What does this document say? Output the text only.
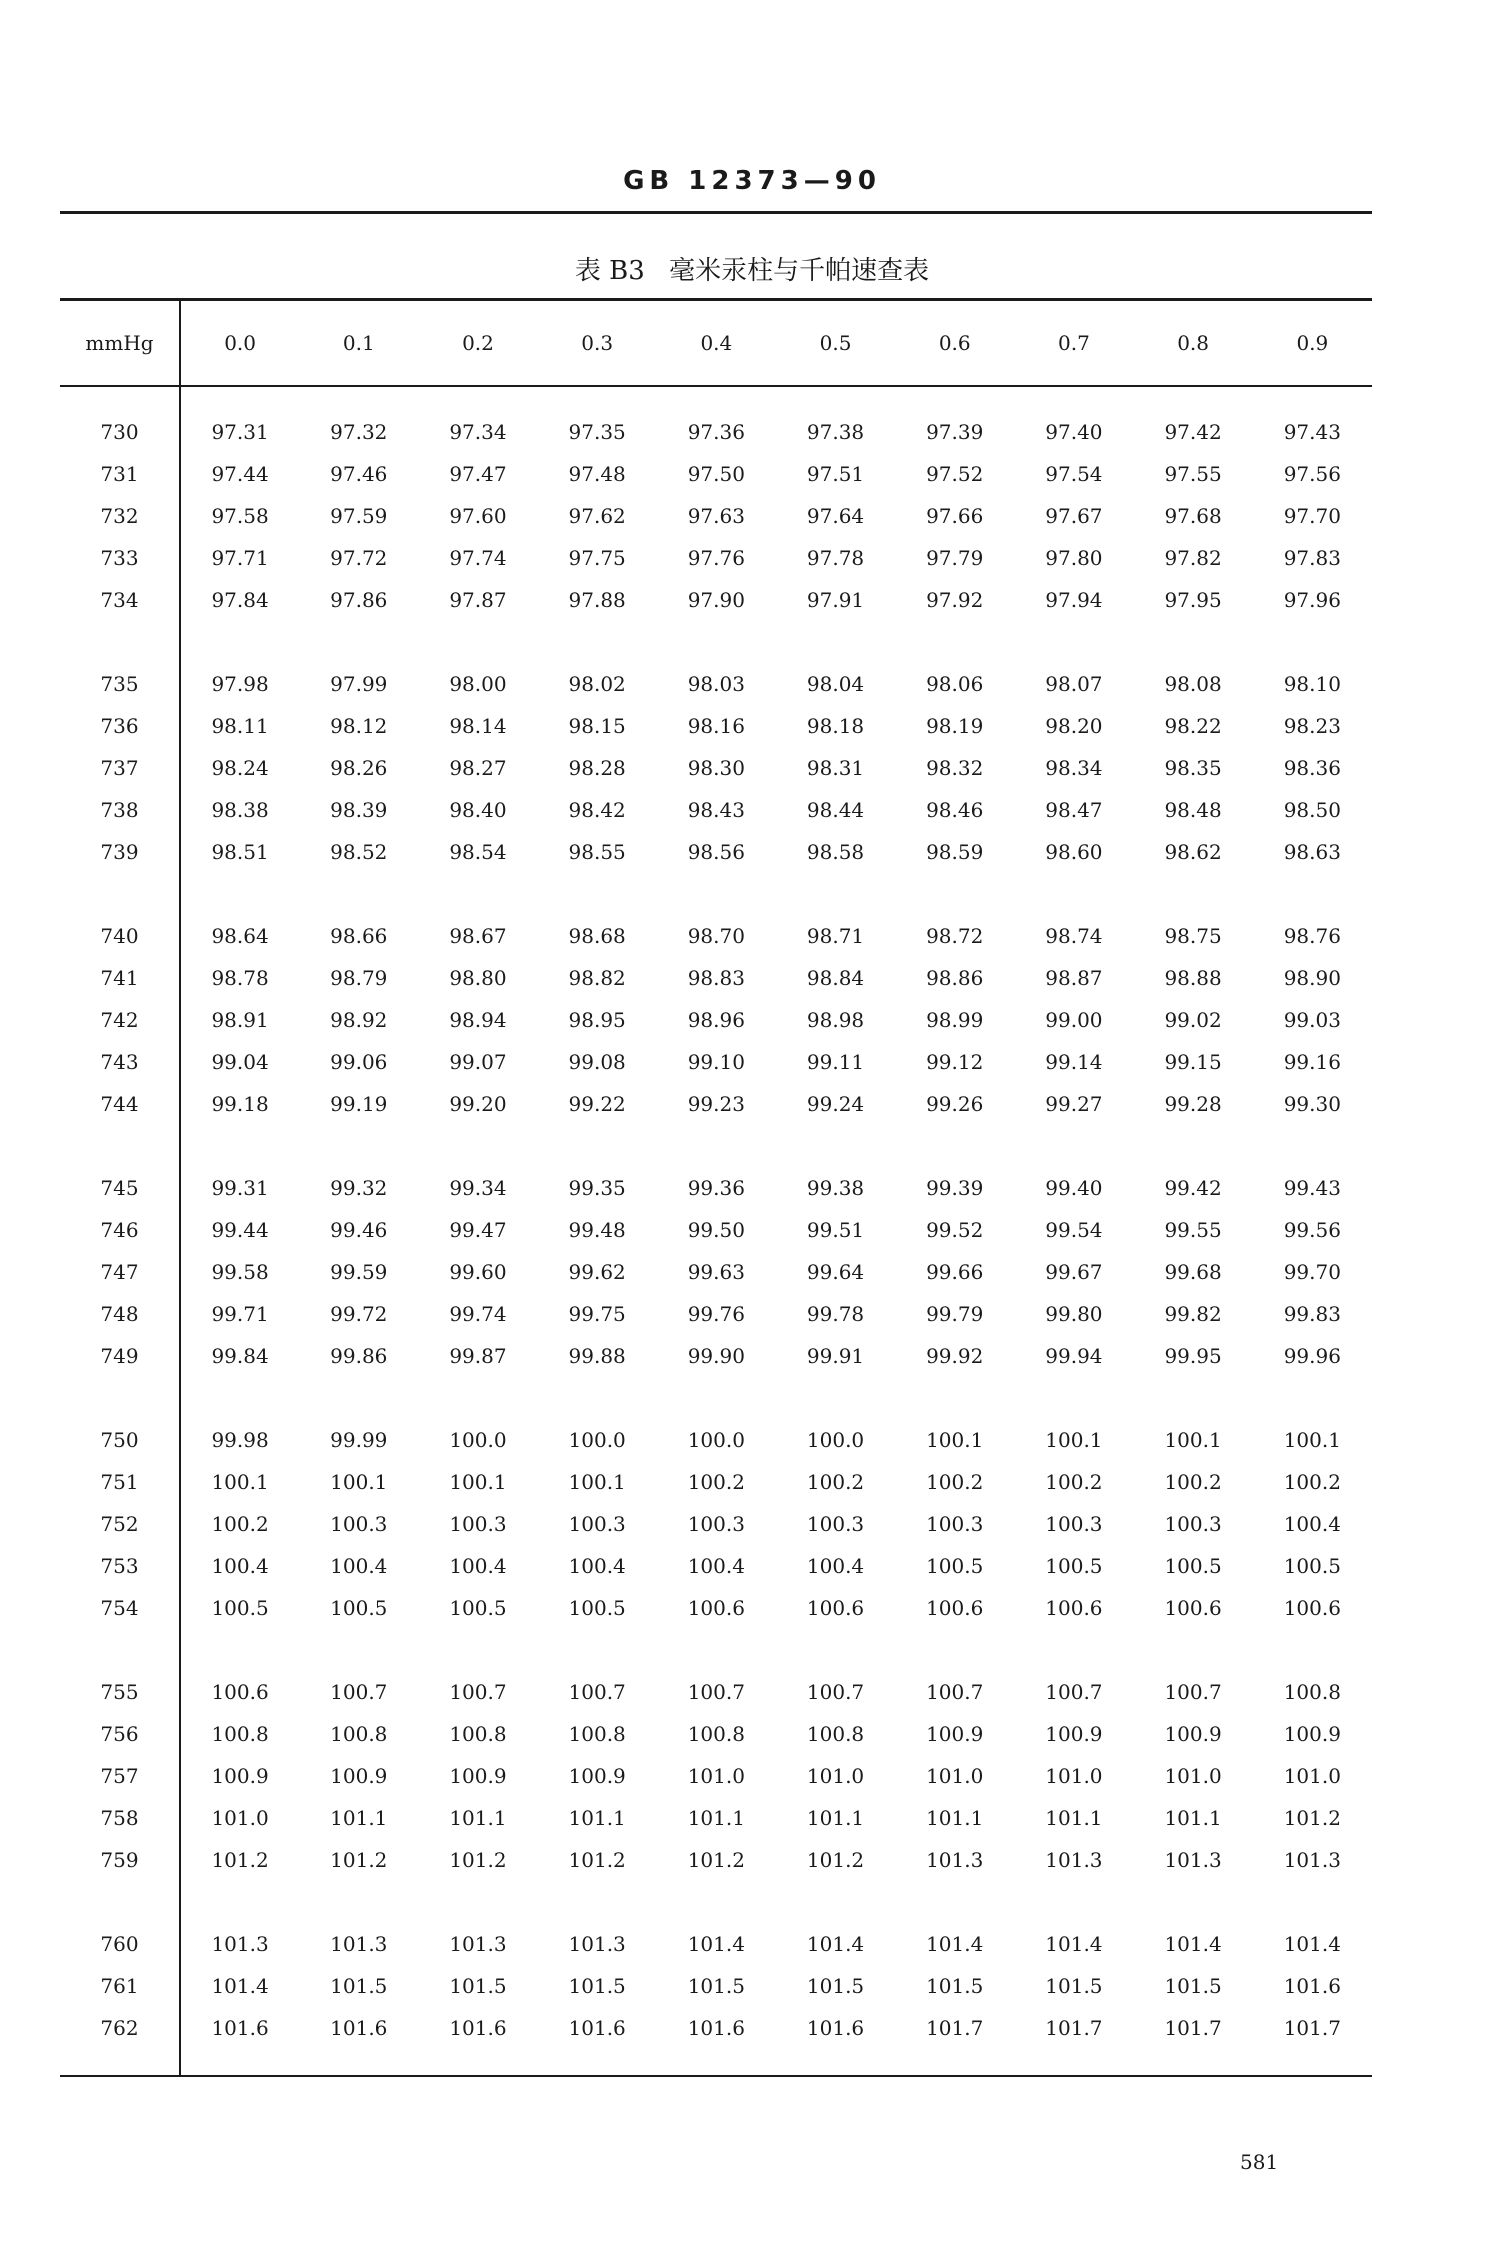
GB 12373—90
表 B3 毫米汞柱与千帕速查表
mmHg	0.0	0.1	0.2	0.3	0.4	0.5	0.6	0.7	0.8	0.9

730	97.31	97.32	97.34	97.35	97.36	97.38	97.39	97.40	97.42	97.43
731	97.44	97.46	97.47	97.48	97.50	97.51	97.52	97.54	97.55	97.56
732	97.58	97.59	97.60	97.62	97.63	97.64	97.66	97.67	97.68	97.70
733	97.71	97.72	97.74	97.75	97.76	97.78	97.79	97.80	97.82	97.83
734	97.84	97.86	97.87	97.88	97.90	97.91	97.92	97.94	97.95	97.96

735	97.98	97.99	98.00	98.02	98.03	98.04	98.06	98.07	98.08	98.10
736	98.11	98.12	98.14	98.15	98.16	98.18	98.19	98.20	98.22	98.23
737	98.24	98.26	98.27	98.28	98.30	98.31	98.32	98.34	98.35	98.36
738	98.38	98.39	98.40	98.42	98.43	98.44	98.46	98.47	98.48	98.50
739	98.51	98.52	98.54	98.55	98.56	98.58	98.59	98.60	98.62	98.63

740	98.64	98.66	98.67	98.68	98.70	98.71	98.72	98.74	98.75	98.76
741	98.78	98.79	98.80	98.82	98.83	98.84	98.86	98.87	98.88	98.90
742	98.91	98.92	98.94	98.95	98.96	98.98	98.99	99.00	99.02	99.03
743	99.04	99.06	99.07	99.08	99.10	99.11	99.12	99.14	99.15	99.16
744	99.18	99.19	99.20	99.22	99.23	99.24	99.26	99.27	99.28	99.30

745	99.31	99.32	99.34	99.35	99.36	99.38	99.39	99.40	99.42	99.43
746	99.44	99.46	99.47	99.48	99.50	99.51	99.52	99.54	99.55	99.56
747	99.58	99.59	99.60	99.62	99.63	99.64	99.66	99.67	99.68	99.70
748	99.71	99.72	99.74	99.75	99.76	99.78	99.79	99.80	99.82	99.83
749	99.84	99.86	99.87	99.88	99.90	99.91	99.92	99.94	99.95	99.96

750	99.98	99.99	100.0	100.0	100.0	100.0	100.1	100.1	100.1	100.1
751	100.1	100.1	100.1	100.1	100.2	100.2	100.2	100.2	100.2	100.2
752	100.2	100.3	100.3	100.3	100.3	100.3	100.3	100.3	100.3	100.4
753	100.4	100.4	100.4	100.4	100.4	100.4	100.5	100.5	100.5	100.5
754	100.5	100.5	100.5	100.5	100.6	100.6	100.6	100.6	100.6	100.6

755	100.6	100.7	100.7	100.7	100.7	100.7	100.7	100.7	100.7	100.8
756	100.8	100.8	100.8	100.8	100.8	100.8	100.9	100.9	100.9	100.9
757	100.9	100.9	100.9	100.9	101.0	101.0	101.0	101.0	101.0	101.0
758	101.0	101.1	101.1	101.1	101.1	101.1	101.1	101.1	101.1	101.2
759	101.2	101.2	101.2	101.2	101.2	101.2	101.3	101.3	101.3	101.3

760	101.3	101.3	101.3	101.3	101.4	101.4	101.4	101.4	101.4	101.4
761	101.4	101.5	101.5	101.5	101.5	101.5	101.5	101.5	101.5	101.6
762	101.6	101.6	101.6	101.6	101.6	101.6	101.7	101.7	101.7	101.7

581
